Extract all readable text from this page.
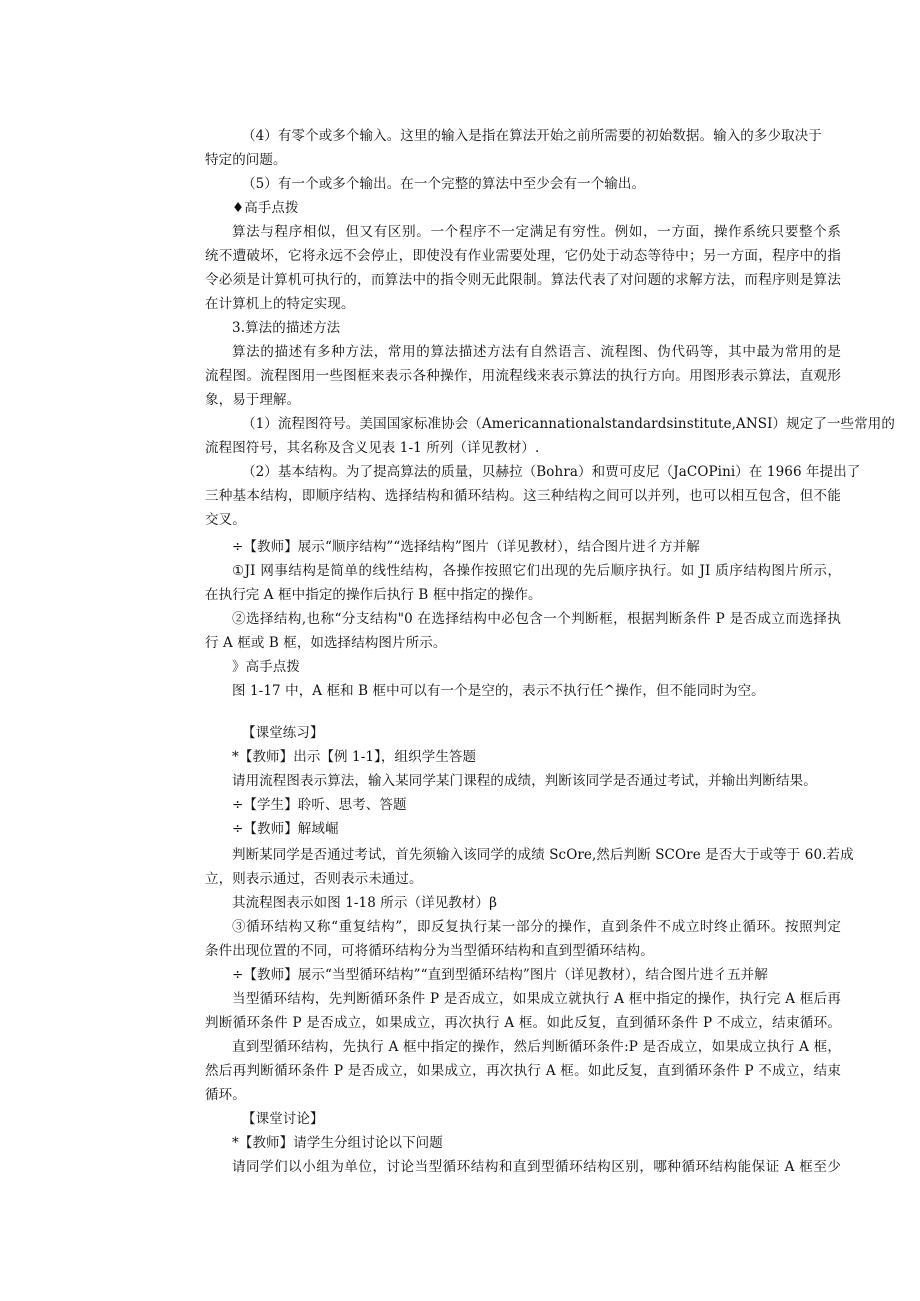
（4）有零个或多个输入。这里的输入是指在算法开始之前所需要的初始数据。输入的多少取决于
特定的问题。
（5）有一个或多个输出。在一个完整的算法中至少会有一个输出。
♦高手点拨
算法与程序相似，但又有区别。一个程序不一定满足有穷性。例如，一方面，操作系统只要整个系
统不遭破坏，它将永远不会停止，即使没有作业需要处理，它仍处于动态等待中；另一方面，程序中的指
令必须是计算机可执行的，而算法中的指令则无此限制。算法代表了对问题的求解方法，而程序则是算法
在计算机上的特定实现。
3.算法的描述方法
算法的描述有多种方法，常用的算法描述方法有自然语言、流程图、伪代码等，其中最为常用的是
流程图。流程图用一些图框来表示各种操作，用流程线来表示算法的执行方向。用图形表示算法，直观形
象，易于理解。
（1）流程图符号。美国国家标准协会（Americannationalstandardsinstitute,ANSI）规定了一些常用的
流程图符号，其名称及含义见表 1-1 所列（详见教材）.
（2）基本结构。为了提高算法的质量，贝赫拉（Bohra）和贾可皮尼（JaCOPini）在 1966 年提出了
三种基本结构，即顺序结构、选择结构和循环结构。这三种结构之间可以并列，也可以相互包含，但不能
交叉。
÷【教师】展示“顺序结构”“选择结构”图片（详见教材），结合图片进彳方并解
①JI 网事结构是简单的线性结构，各操作按照它们出现的先后顺序执行。如 JI 质序结构图片所示，
在执行完 A 框中指定的操作后执行 B 框中指定的操作。
②选择结构,也称“分支结构"0 在选择结构中必包含一个判断框，根据判断条件 P 是否成立而选择执
行 A 框或 B 框，如选择结构图片所示。
》高手点拨
图 1-17 中，A 框和 B 框中可以有一个是空的，表示不执行任^操作，但不能同时为空。
【课堂练习】
*【教师】出示【例 1-1】，组织学生答题
请用流程图表示算法，输入某同学某门课程的成绩，判断该同学是否通过考试，并输出判断结果。
÷【学生】聆听、思考、答题
÷【教师】解域崛
判断某同学是否通过考试，首先须输入该同学的成绩 ScOre,然后判断 SCOre 是否大于或等于 60.若成
立，则表示通过，否则表示未通过。
其流程图表示如图 1-18 所示（详见教材）β
③循环结构又称“重复结构”，即反复执行某一部分的操作，直到条件不成立时终止循环。按照判定
条件出现位置的不同，可将循环结构分为当型循环结构和直到型循环结构。
÷【教师】展示“当型循环结构”“直到型循环结构”图片（详见教材），结合图片进彳五并解
当型循环结构，先判断循环条件 P 是否成立，如果成立就执行 A 框中指定的操作，执行完 A 框后再
判断循环条件 P 是否成立，如果成立，再次执行 A 框。如此反复，直到循环条件 P 不成立，结束循环。
直到型循环结构，先执行 A 框中指定的操作，然后判断循环条件:P 是否成立，如果成立执行 A 框，
然后再判断循环条件 P 是否成立，如果成立，再次执行 A 框。如此反复，直到循环条件 P 不成立，结束
循环。
【课堂讨论】
*【教师】请学生分组讨论以下问题
请同学们以小组为单位，讨论当型循环结构和直到型循环结构区别，哪种循环结构能保证 A 框至少
